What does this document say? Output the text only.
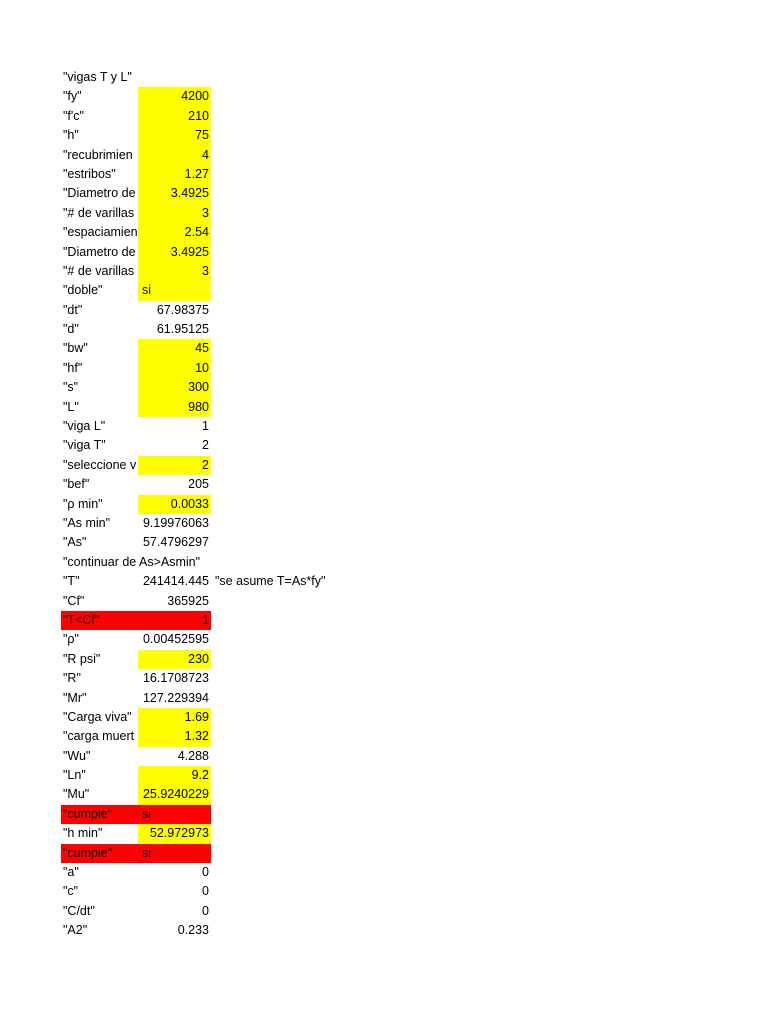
"vigas T y L"
"fy"	4200
"f'c"	210
"h"	75
"recubrimien	4
"estribos"	1.27
"Diametro de	3.4925
"# de varillas	3
"espaciamien	2.54
"Diametro de	3.4925
"# de varillas	3
"doble"	si
"dt"	67.98375
"d"	61.95125
"bw"	45
"hf"	10
"s"	300
"L"	980
"viga L"	1
"viga T"	2
"seleccione v	2
"bef"	205
"ρ min"	0.0033
"As min"	9.19976063
"As"	57.4796297
"continuar de As>Asmin"
"T"	241414.445 "se asume T=As*fy"
"Cf"	365925
"T<Cf"	1
"ρ"	0.00452595
"R psi"	230
"R"	16.1708723
"Mr"	127.229394
"Carga viva"	1.69
"carga muert	1.32
"Wu"	4.288
"Ln"	9.2
"Mu"	25.9240229
"cumple"	si
"h min"	52.972973
"cumple"	si
"a"	0
"c"	0
"C/dt"	0
"A2"	0.233
